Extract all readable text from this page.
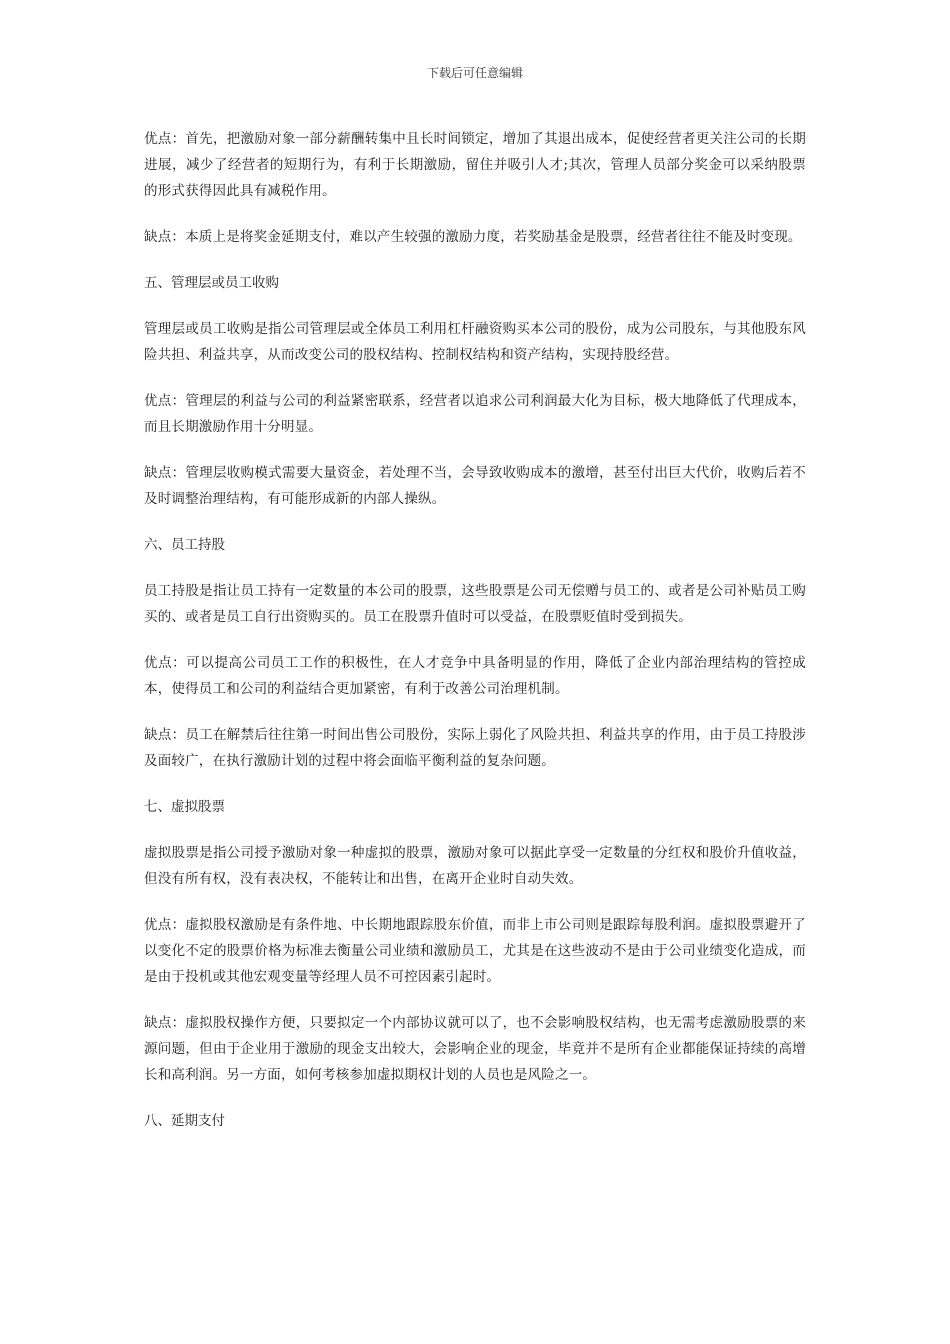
下载后可任意编辑

优点：首先，把激励对象一部分薪酬转集中且长时间锁定，增加了其退出成本，促使经营者更关注公司的长期进展，减少了经营者的短期行为，有利于长期激励，留住并吸引人才;其次，管理人员部分奖金可以采纳股票的形式获得因此具有减税作用。

缺点：本质上是将奖金延期支付，难以产生较强的激励力度，若奖励基金是股票，经营者往往不能及时变现。

五、管理层或员工收购

管理层或员工收购是指公司管理层或全体员工利用杠杆融资购买本公司的股份，成为公司股东，与其他股东风险共担、利益共享，从而改变公司的股权结构、控制权结构和资产结构，实现持股经营。

优点：管理层的利益与公司的利益紧密联系，经营者以追求公司利润最大化为目标，极大地降低了代理成本，而且长期激励作用十分明显。

缺点：管理层收购模式需要大量资金，若处理不当，会导致收购成本的激增，甚至付出巨大代价，收购后若不及时调整治理结构，有可能形成新的内部人操纵。

六、员工持股

员工持股是指让员工持有一定数量的本公司的股票，这些股票是公司无偿赠与员工的、或者是公司补贴员工购买的、或者是员工自行出资购买的。员工在股票升值时可以受益，在股票贬值时受到损失。

优点：可以提高公司员工工作的积极性，在人才竞争中具备明显的作用，降低了企业内部治理结构的管控成本，使得员工和公司的利益结合更加紧密，有利于改善公司治理机制。

缺点：员工在解禁后往往第一时间出售公司股份，实际上弱化了风险共担、利益共享的作用，由于员工持股涉及面较广，在执行激励计划的过程中将会面临平衡利益的复杂问题。

七、虚拟股票

虚拟股票是指公司授予激励对象一种虚拟的股票，激励对象可以据此享受一定数量的分红权和股价升值收益，但没有所有权，没有表决权，不能转让和出售，在离开企业时自动失效。

优点：虚拟股权激励是有条件地、中长期地跟踪股东价值，而非上市公司则是跟踪每股利润。虚拟股票避开了以变化不定的股票价格为标准去衡量公司业绩和激励员工，尤其是在这些波动不是由于公司业绩变化造成，而是由于投机或其他宏观变量等经理人员不可控因素引起时。

缺点：虚拟股权操作方便，只要拟定一个内部协议就可以了，也不会影响股权结构，也无需考虑激励股票的来源问题，但由于企业用于激励的现金支出较大，会影响企业的现金，毕竟并不是所有企业都能保证持续的高增长和高利润。另一方面，如何考核参加虚拟期权计划的人员也是风险之一。

八、延期支付
